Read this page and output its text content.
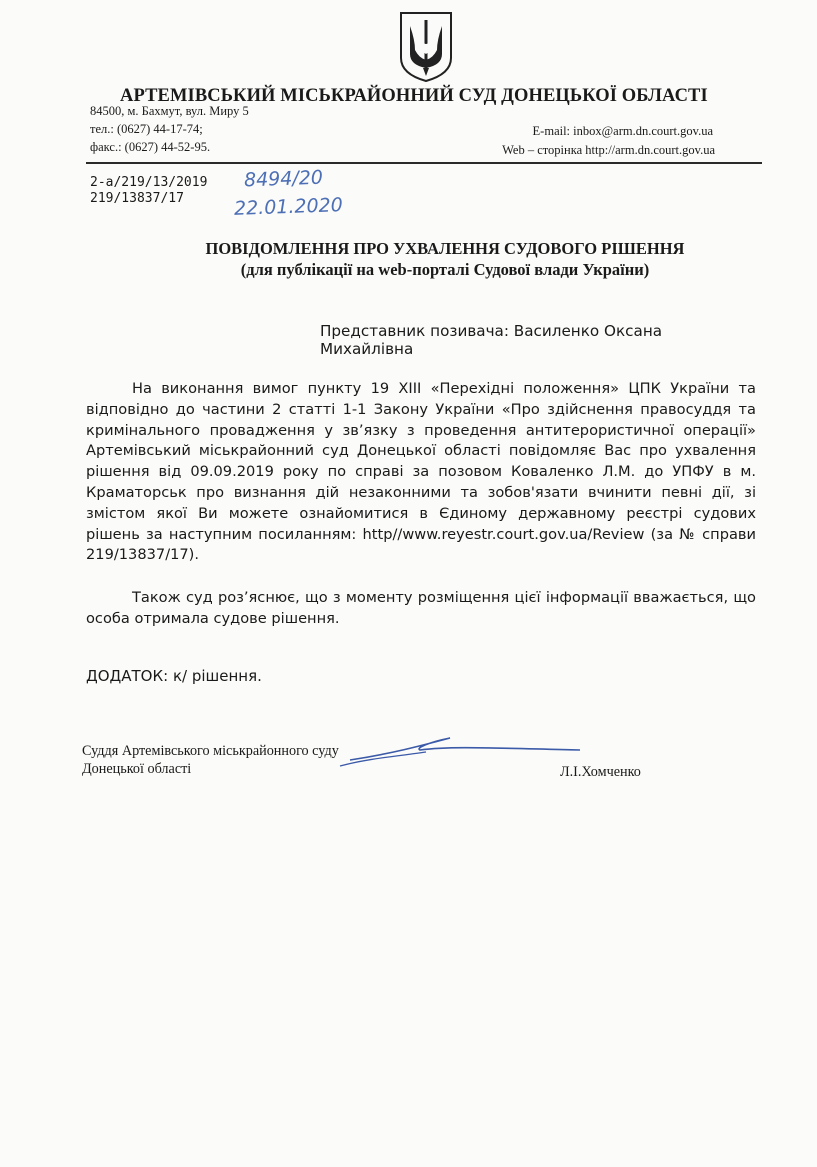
АРТЕМІВСЬКИЙ МІСЬКРАЙОННИЙ СУД ДОНЕЦЬКОЇ ОБЛАСТІ
84500, м. Бахмут, вул. Миру 5
тел.: (0627) 44-17-74;
факс.: (0627) 44-52-95.
E-mail: inbox@arm.dn.court.gov.ua
Web – сторінка http://arm.dn.court.gov.ua
2-а/219/13/2019
219/13837/17
8494/20
22.01.2020
ПОВІДОМЛЕННЯ ПРО УХВАЛЕННЯ СУДОВОГО РІШЕННЯ
(для публікації на web-порталі Судової влади України)
Представник позивача: Василенко Оксана Михайлівна

На виконання вимог пункту 19 XIII «Перехідні положення» ЦПК України та відповідно до частини 2 статті 1-1 Закону України «Про здійснення правосуддя та кримінального провадження у зв’язку з проведення антитерористичної операції» Артемівський міськрайонний суд Донецької області повідомляє Вас про ухвалення рішення від 09.09.2019 року по справі за позовом Коваленко Л.М. до УПФУ в м. Краматорськ про визнання дій незаконними та зобов'язати вчинити певні дії, зі змістом якої Ви можете ознайомитися в Єдиному державному реєстрі судових рішень за наступним посиланням: http//www.reyestr.court.gov.ua/Review (за № справи 219/13837/17).

Також суд роз’яснює, що з моменту розміщення цієї інформації вважається, що особа отримала судове рішення.

ДОДАТОК: к/ рішення.
Суддя Артемівського міськрайонного суду
Донецької області	Л.І.Хомченко
